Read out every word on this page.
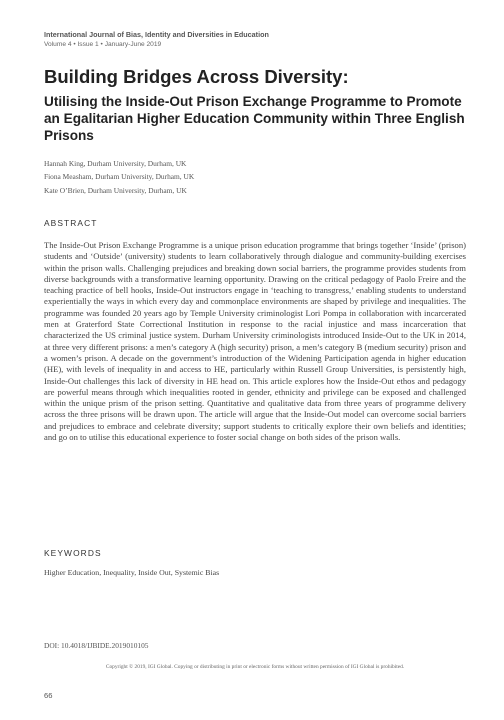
International Journal of Bias, Identity and Diversities in Education
Volume 4 • Issue 1 • January-June 2019
Building Bridges Across Diversity:
Utilising the Inside-Out Prison Exchange Programme to Promote an Egalitarian Higher Education Community within Three English Prisons
Hannah King, Durham University, Durham, UK
Fiona Measham, Durham University, Durham, UK
Kate O’Brien, Durham University, Durham, UK
ABSTRACT

The Inside-Out Prison Exchange Programme is a unique prison education programme that brings together ‘Inside’ (prison) students and ‘Outside’ (university) students to learn collaboratively through dialogue and community-building exercises within the prison walls. Challenging prejudices and breaking down social barriers, the programme provides students from diverse backgrounds with a transformative learning opportunity. Drawing on the critical pedagogy of Paolo Freire and the teaching practice of bell hooks, Inside-Out instructors engage in ‘teaching to transgress,’ enabling students to understand experientially the ways in which every day and commonplace environments are shaped by privilege and inequalities. The programme was founded 20 years ago by Temple University criminologist Lori Pompa in collaboration with incarcerated men at Graterford State Correctional Institution in response to the racial injustice and mass incarceration that characterized the US criminal justice system. Durham University criminologists introduced Inside-Out to the UK in 2014, at three very different prisons: a men’s category A (high security) prison, a men’s category B (medium security) prison and a women’s prison. A decade on the government’s introduction of the Widening Participation agenda in higher education (HE), with levels of inequality in and access to HE, particularly within Russell Group Universities, is persistently high, Inside-Out challenges this lack of diversity in HE head on. This article explores how the Inside-Out ethos and pedagogy are powerful means through which inequalities rooted in gender, ethnicity and privilege can be exposed and challenged within the unique prism of the prison setting. Quantitative and qualitative data from three years of programme delivery across the three prisons will be drawn upon. The article will argue that the Inside-Out model can overcome social barriers and prejudices to embrace and celebrate diversity; support students to critically explore their own beliefs and identities; and go on to utilise this educational experience to foster social change on both sides of the prison walls.

KEYWORDS
Higher Education, Inequality, Inside Out, Systemic Bias
DOI: 10.4018/IJBIDE.2019010105
Copyright © 2019, IGI Global. Copying or distributing in print or electronic forms without written permission of IGI Global is prohibited.
66
